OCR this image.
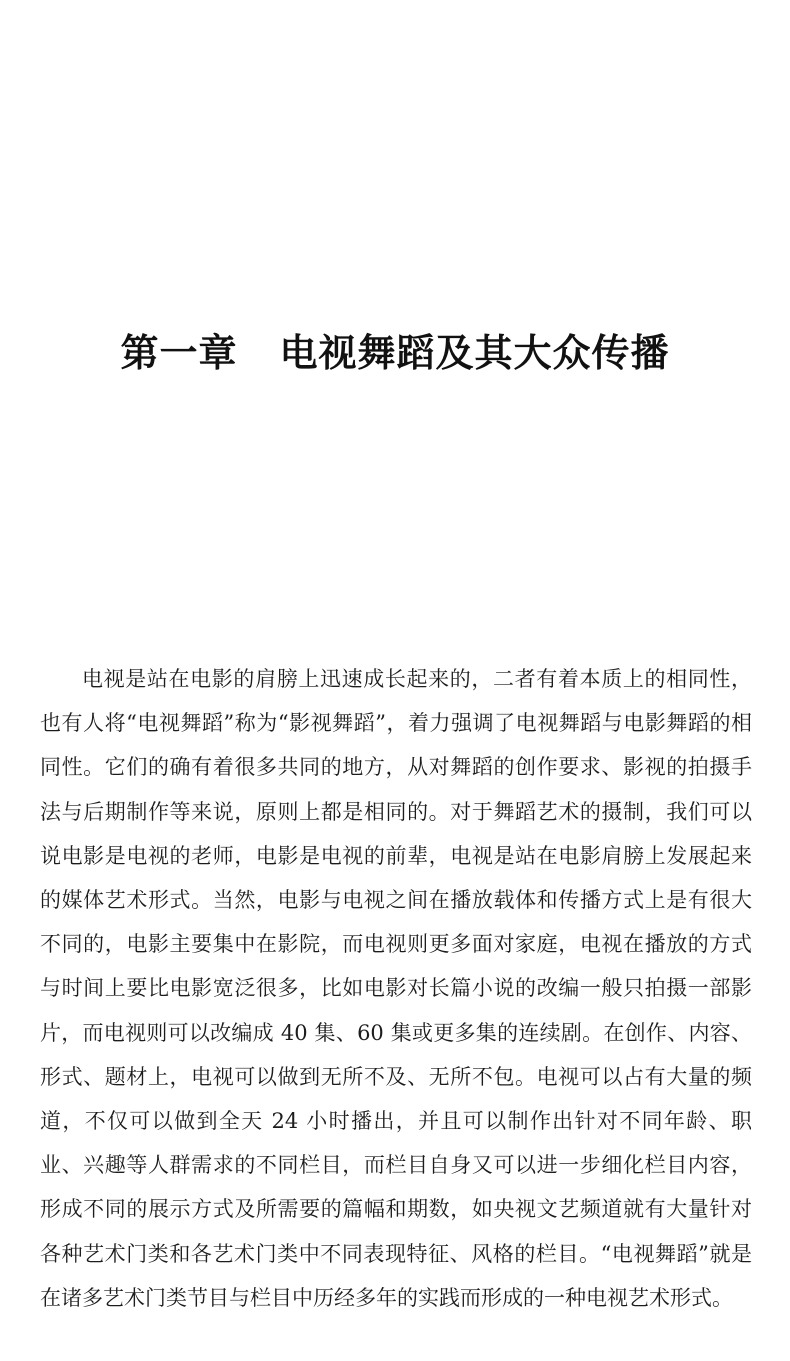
第一章 电视舞蹈及其大众传播

电视是站在电影的肩膀上迅速成长起来的，二者有着本质上的相同性，也有人将“电视舞蹈”称为“影视舞蹈”，着力强调了电视舞蹈与电影舞蹈的相同性。它们的确有着很多共同的地方，从对舞蹈的创作要求、影视的拍摄手法与后期制作等来说，原则上都是相同的。对于舞蹈艺术的摄制，我们可以说电影是电视的老师，电影是电视的前辈，电视是站在电影肩膀上发展起来的媒体艺术形式。当然，电影与电视之间在播放载体和传播方式上是有很大不同的，电影主要集中在影院，而电视则更多面对家庭，电视在播放的方式与时间上要比电影宽泛很多，比如电影对长篇小说的改编一般只拍摄一部影片，而电视则可以改编成 40 集、60 集或更多集的连续剧。在创作、内容、形式、题材上，电视可以做到无所不及、无所不包。电视可以占有大量的频道，不仅可以做到全天 24 小时播出，并且可以制作出针对不同年龄、职业、兴趣等人群需求的不同栏目，而栏目自身又可以进一步细化栏目内容，形成不同的展示方式及所需要的篇幅和期数，如央视文艺频道就有大量针对各种艺术门类和各艺术门类中不同表现特征、风格的栏目。“电视舞蹈”就是在诸多艺术门类节目与栏目中历经多年的实践而形成的一种电视艺术形式。
